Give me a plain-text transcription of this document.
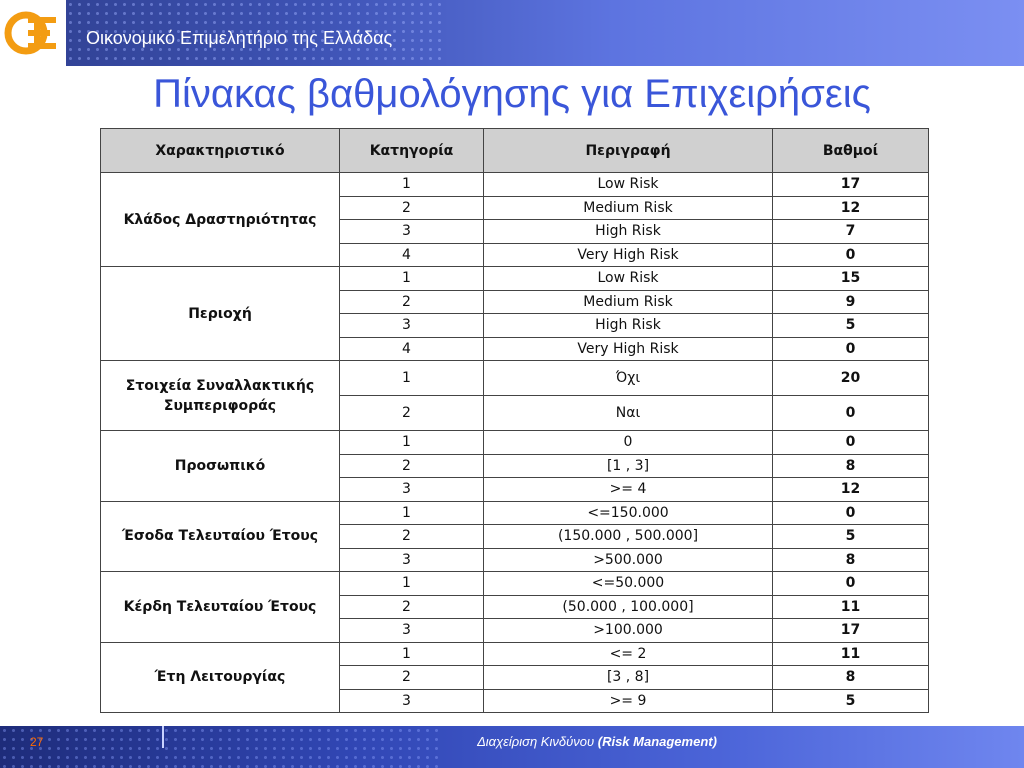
Οικονομικό Επιμελητήριο της Ελλάδας
Πίνακας βαθμολόγησης για Επιχειρήσεις
Χαρακτηριστικό	Κατηγορία	Περιγραφή	Βαθμοί
Κλάδος Δραστηριότητας	1	Low Risk	17
	2	Medium Risk	12
	3	High Risk	7
	4	Very High Risk	0
Περιοχή	1	Low Risk	15
	2	Medium Risk	9
	3	High Risk	5
	4	Very High Risk	0
Στοιχεία Συναλλακτικής Συμπεριφοράς	1	Όχι	20
	2	Ναι	0
Προσωπικό	1	0	0
	2	[1 , 3]	8
	3	>= 4	12
Έσοδα Τελευταίου Έτους	1	<=150.000	0
	2	(150.000 , 500.000]	5
	3	>500.000	8
Κέρδη Τελευταίου Έτους	1	<=50.000	0
	2	(50.000 , 100.000]	11
	3	>100.000	17
Έτη Λειτουργίας	1	<= 2	11
	2	[3 , 8]	8
	3	>= 9	5
27	Διαχείριση Κινδύνου (Risk Management)
